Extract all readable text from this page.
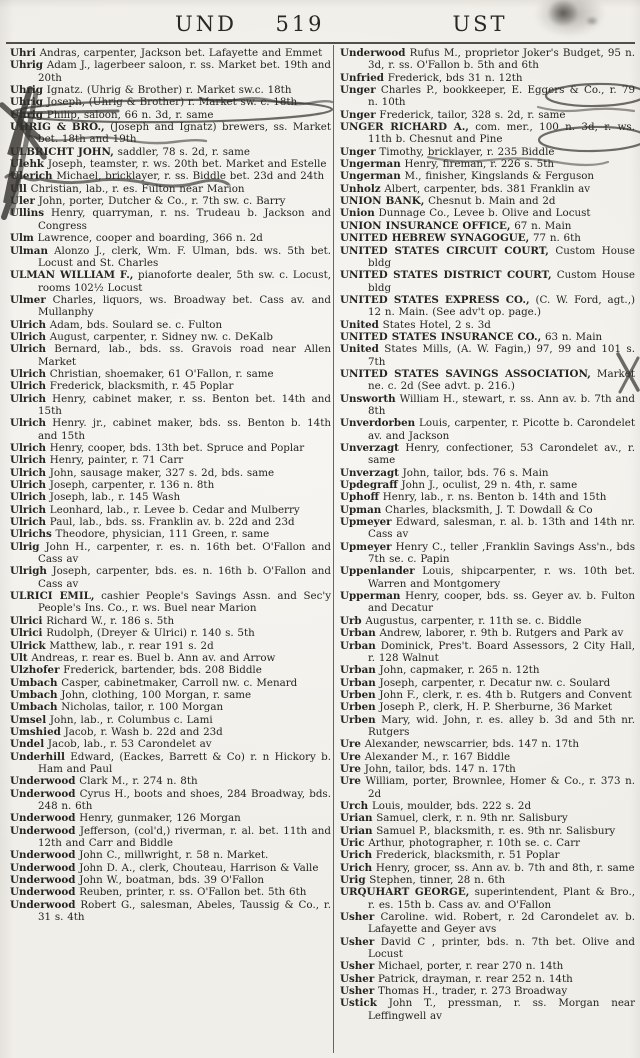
UND	519	UST
Uhri Andras, carpenter, Jackson bet. Lafayette and Emmet
Uhrig Adam J., lagerbeer saloon, r. ss. Market bet. 19th and 20th
Uhrig Ignatz. (Uhrig & Brother) r. Market sw.c. 18th
Uhrig Joseph, (Uhrig & Brother) r. Market sw. c. 18th
Uhrig Philip, saloon, 66 n. 3d, r. same
UHRIG & BRO., (Joseph and Ignatz) brewers, ss. Market bet. 18th and 19th
ULBRICHT JOHN, saddler, 78 s. 2d, r. same
Ulehk Joseph, teamster, r. ws. 20th bet. Market and Estelle
Ulerich Michael, bricklayer, r. ss. Biddle bet. 23d and 24th
Ull Christian, lab., r. es. Fulton near Marion
Uler John, porter, Dutcher & Co., r. 7th sw. c. Barry
Ullins Henry, quarryman, r. ns. Trudeau b. Jackson and Congress
Ulm Lawrence, cooper and boarding, 366 n. 2d
Ulman Alonzo J., clerk, Wm. F. Ulman, bds. ws. 5th bet. Locust and St. Charles
ULMAN WILLIAM F., pianoforte dealer, 5th sw. c. Locust, rooms 102½ Locust
Ulmer Charles, liquors, ws. Broadway bet. Cass av. and Mullanphy
Ulrich Adam, bds. Soulard se. c. Fulton
Ulrich August, carpenter, r. Sidney nw. c. DeKalb
Ulrich Bernard, lab., bds. ss. Gravois road near Allen Market
Ulrich Christian, shoemaker, 61 O'Fallon, r. same
Ulrich Frederick, blacksmith, r. 45 Poplar
Ulrich Henry, cabinet maker, r. ss. Benton bet. 14th and 15th
Ulrich Henry. jr., cabinet maker, bds. ss. Benton b. 14th and 15th
Ulrich Henry, cooper, bds. 13th bet. Spruce and Poplar
Ulrich Henry, painter, r. 71 Carr
Ulrich John, sausage maker, 327 s. 2d, bds. same
Ulrich Joseph, carpenter, r. 136 n. 8th
Ulrich Joseph, lab., r. 145 Wash
Ulrich Leonhard, lab., r. Levee b. Cedar and Mulberry
Ulrich Paul, lab., bds. ss. Franklin av. b. 22d and 23d
Ulrichs Theodore, physician, 111 Green, r. same
Ulrig John H., carpenter, r. es. n. 16th bet. O'Fallon and Cass av
Ulrigh Joseph, carpenter, bds. es. n. 16th b. O'Fallon and Cass av
ULRICI EMIL, cashier People's Savings Assn. and Sec'y People's Ins. Co., r. ws. Buel near Marion
Ulrici Richard W., r. 186 s. 5th
Ulrici Rudolph, (Dreyer & Ulrici) r. 140 s. 5th
Ulrick Matthew, lab., r. rear 191 s. 2d
Ult Andreas, r. rear es. Buel b. Ann av. and Arrow
Ulzhofer Frederick, bartender, bds. 208 Biddle
Umbach Casper, cabinetmaker, Carroll nw. c. Menard
Umbach John, clothing, 100 Morgan, r. same
Umbach Nicholas, tailor, r. 100 Morgan
Umsel John, lab., r. Columbus c. Lami
Umshied Jacob, r. Wash b. 22d and 23d
Undel Jacob, lab., r. 53 Carondelet av
Underhill Edward, (Eackes, Barrett & Co) r. n Hickory b. Ham and Paul
Underwood Clark M., r. 274 n. 8th
Underwood Cyrus H., boots and shoes, 284 Broadway, bds. 248 n. 6th
Underwood Henry, gunmaker, 126 Morgan
Underwood Jefferson, (col'd,) riverman, r. al. bet. 11th and 12th and Carr and Biddle
Underwood John C., millwright, r. 58 n. Market.
Underwood John D. A., clerk, Chouteau, Harrison & Valle
Underwood John W., boatman, bds. 39 O'Fallon
Underwood Reuben, printer, r. ss. O'Fallon bet. 5th 6th
Underwood Robert G., salesman, Abeles, Taussig & Co., r. 31 s. 4th
Underwood Rufus M., proprietor Joker's Budget, 95 n. 3d, r. ss. O'Fallon b. 5th and 6th
Unfried Frederick, bds 31 n. 12th
Unger Charles P., bookkeeper, E. Eggers & Co., r. 79 n. 10th
Unger Frederick, tailor, 328 s. 2d, r. same
UNGER RICHARD A., com. mer., 100 n. 3d, r. ws. 11th b. Chesnut and Pine
Unger Timothy, bricklayer, r. 235 Biddle
Ungerman Henry, fireman, r. 226 s. 5th
Ungerman M., finisher, Kingslands & Ferguson
Unholz Albert, carpenter, bds. 381 Franklin av
UNION BANK, Chesnut b. Main and 2d
Union Dunnage Co., Levee b. Olive and Locust
UNION INSURANCE OFFICE, 67 n. Main
UNITED HEBREW SYNAGOGUE, 77 n. 6th
UNITED STATES CIRCUIT COURT, Custom House bldg
UNITED STATES DISTRICT COURT, Custom House bldg
UNITED STATES EXPRESS CO., (C. W. Ford, agt.,) 12 n. Main. (See adv't op. page.)
United States Hotel, 2 s. 3d
UNITED STATES INSURANCE CO., 63 n. Main
United States Mills, (A. W. Fagin,) 97, 99 and 101 s. 7th
UNITED STATES SAVINGS ASSOCIATION, Market ne. c. 2d (See advt. p. 216.)
Unsworth William H., stewart, r. ss. Ann av. b. 7th and 8th
Unverdorben Louis, carpenter, r. Picotte b. Carondelet av. and Jackson
Unverzagt Henry, confectioner, 53 Carondelet av., r. same
Unverzagt John, tailor, bds. 76 s. Main
Updegraff John J., oculist, 29 n. 4th, r. same
Uphoff Henry, lab., r. ns. Benton b. 14th and 15th
Upman Charles, blacksmith, J. T. Dowdall & Co
Upmeyer Edward, salesman, r. al. b. 13th and 14th nr. Cass av
Upmeyer Henry C., teller ,Franklin Savings Ass'n., bds 7th se. c. Papin
Uppenlander Louis, shipcarpenter, r. ws. 10th bet. Warren and Montgomery
Upperman Henry, cooper, bds. ss. Geyer av. b. Fulton and Decatur
Urb Augustus, carpenter, r. 11th se. c. Biddle
Urban Andrew, laborer, r. 9th b. Rutgers and Park av
Urban Dominick, Pres't. Board Assessors, 2 City Hall, r. 128 Walnut
Urban John, capmaker, r. 265 n. 12th
Urban Joseph, carpenter, r. Decatur nw. c. Soulard
Urben John F., clerk, r. es. 4th b. Rutgers and Convent
Urben Joseph P., clerk, H. P. Sherburne, 36 Market
Urben Mary, wid. John, r. es. alley b. 3d and 5th nr. Rutgers
Ure Alexander, newscarrier, bds. 147 n. 17th
Ure Alexander M., r. 167 Biddle
Ure John, tailor, bds. 147 n. 17th
Ure William, porter, Brownlee, Homer & Co., r. 373 n. 2d
Urch Louis, moulder, bds. 222 s. 2d
Urian Samuel, clerk, r. n. 9th nr. Salisbury
Urian Samuel P., blacksmith, r. es. 9th nr. Salisbury
Uric Arthur, photographer, r. 10th se. c. Carr
Urich Frederick, blacksmith, r. 51 Poplar
Urich Henry, grocer, ss. Ann av. b. 7th and 8th, r. same
Urig Stephen, tinner, 28 n. 6th
URQUHART GEORGE, superintendent, Plant & Bro., r. es. 15th b. Cass av. and O'Fallon
Usher Caroline. wid. Robert, r. 2d Carondelet av. b. Lafayette and Geyer avs
Usher David C , printer, bds. n. 7th bet. Olive and Locust
Usher Michael, porter, r. rear 270 n. 14th
Usher Patrick, drayman, r. rear 252 n. 14th
Usher Thomas H., trader, r. 273 Broadway
Ustick John T., pressman, r. ss. Morgan near Leffingwell av
